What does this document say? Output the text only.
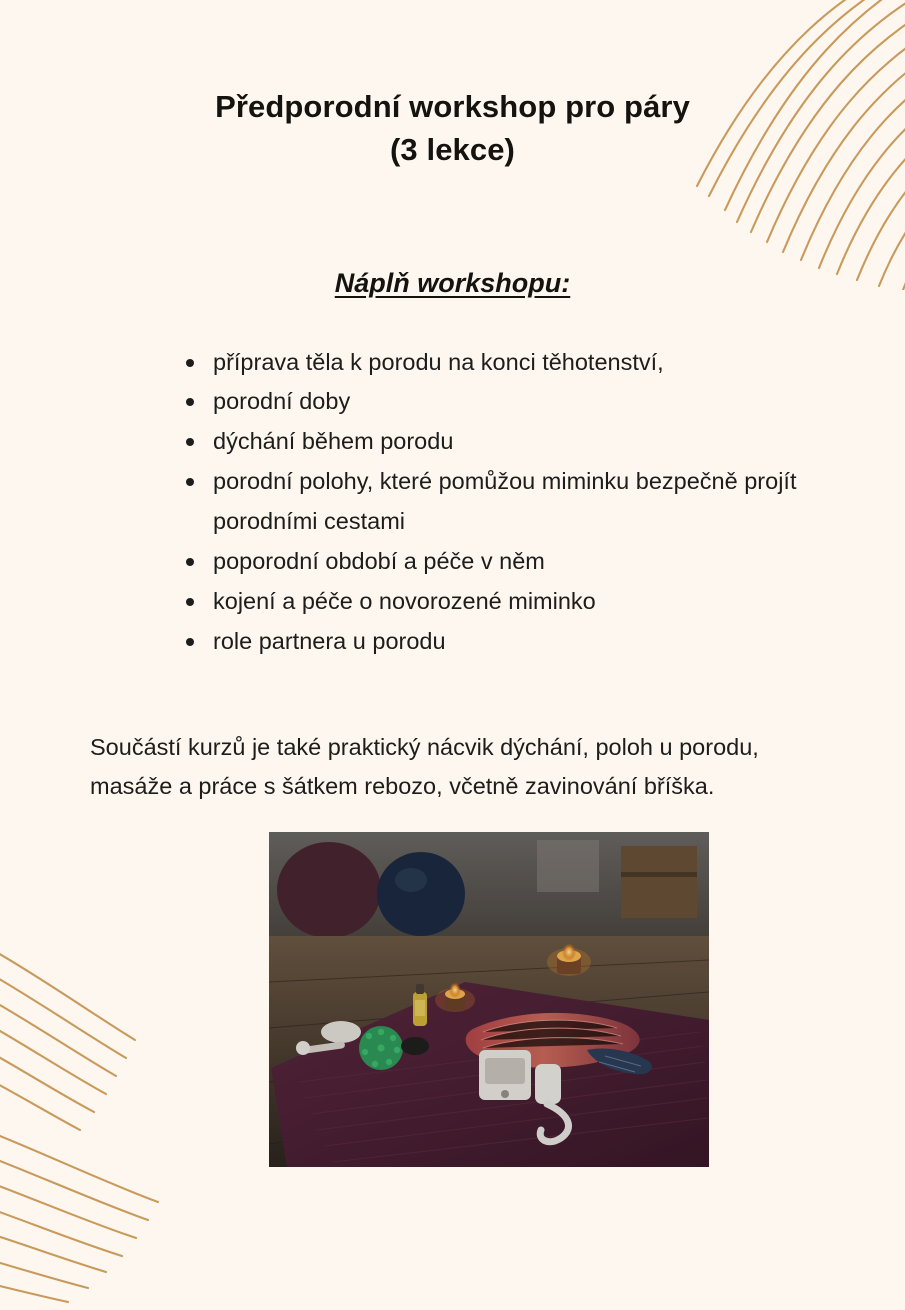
Předporodní workshop pro páry
(3 lekce)
Náplň workshopu:
příprava těla k porodu na konci těhotenství,
porodní doby
dýchání během porodu
porodní polohy, které pomůžou miminku bezpečně projít porodními cestami
poporodní období a péče v něm
kojení a péče o novorozené miminko
role partnera u porodu

Součástí kurzů je také praktický nácvik dýchání, poloh u porodu, masáže a práce s šátkem rebozo, včetně zavinování bříška.
